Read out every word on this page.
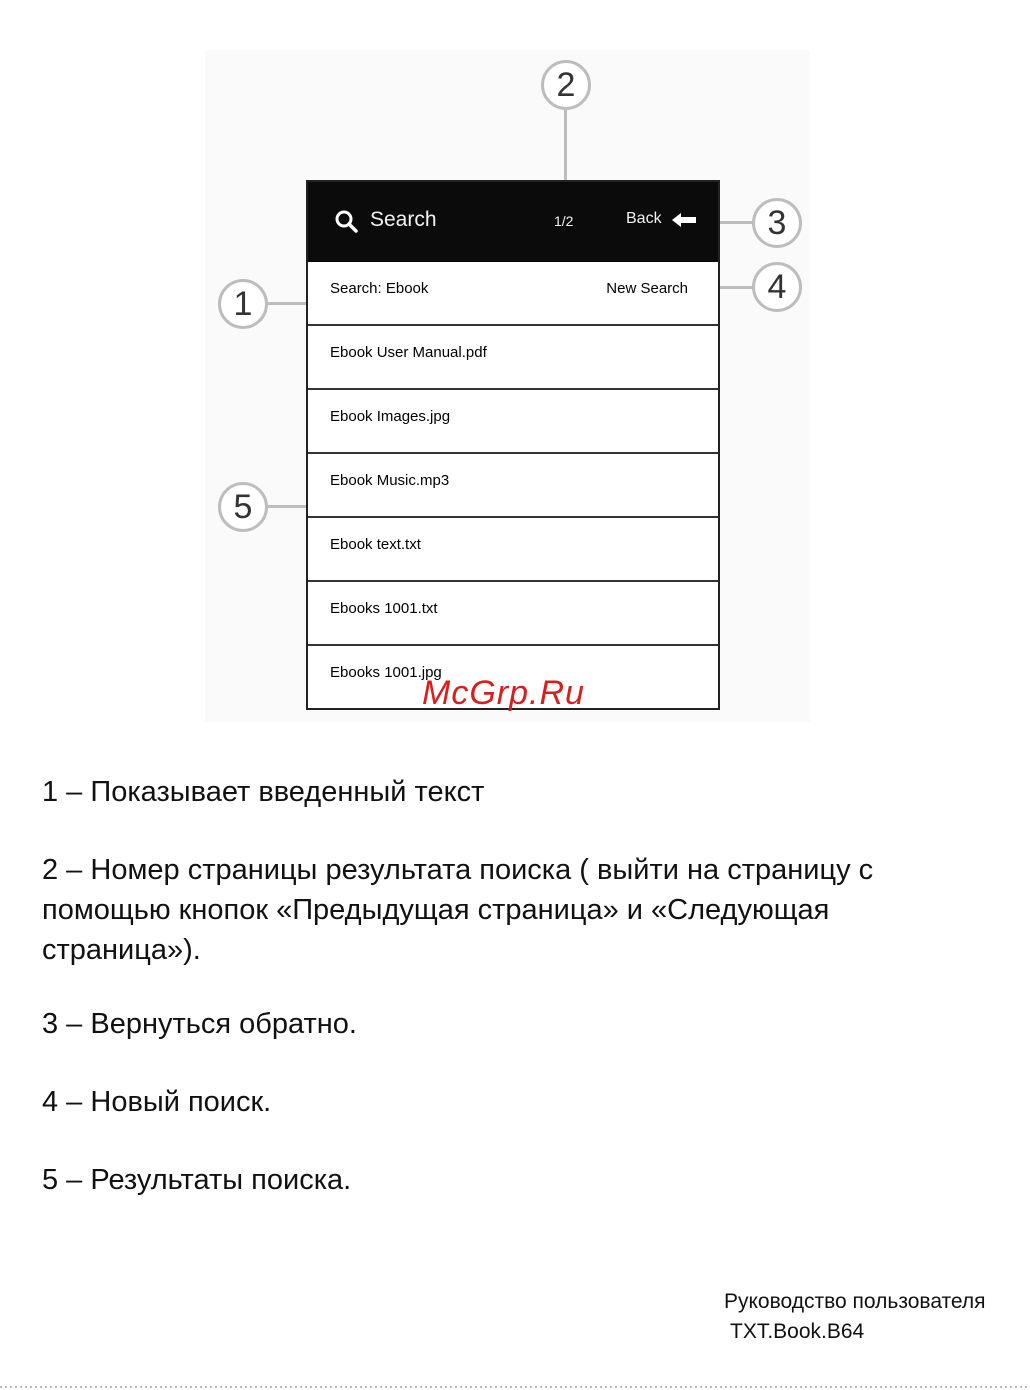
Search	1/2	Back
Search: Ebook	New Search
Ebook User Manual.pdf
Ebook Images.jpg
Ebook Music.mp3
Ebook text.txt
Ebooks 1001.txt
Ebooks 1001.jpg
2
3
4
1
5
McGrp.Ru
1 – Показывает введенный текст
2 – Номер страницы результата поиска ( выйти на страницу с помощью кнопок «Предыдущая страница» и «Следующая страница»).
3 – Вернуться обратно.
4 – Новый поиск.
5 – Результаты поиска.
Руководство пользователя
TXT.Book.B64
